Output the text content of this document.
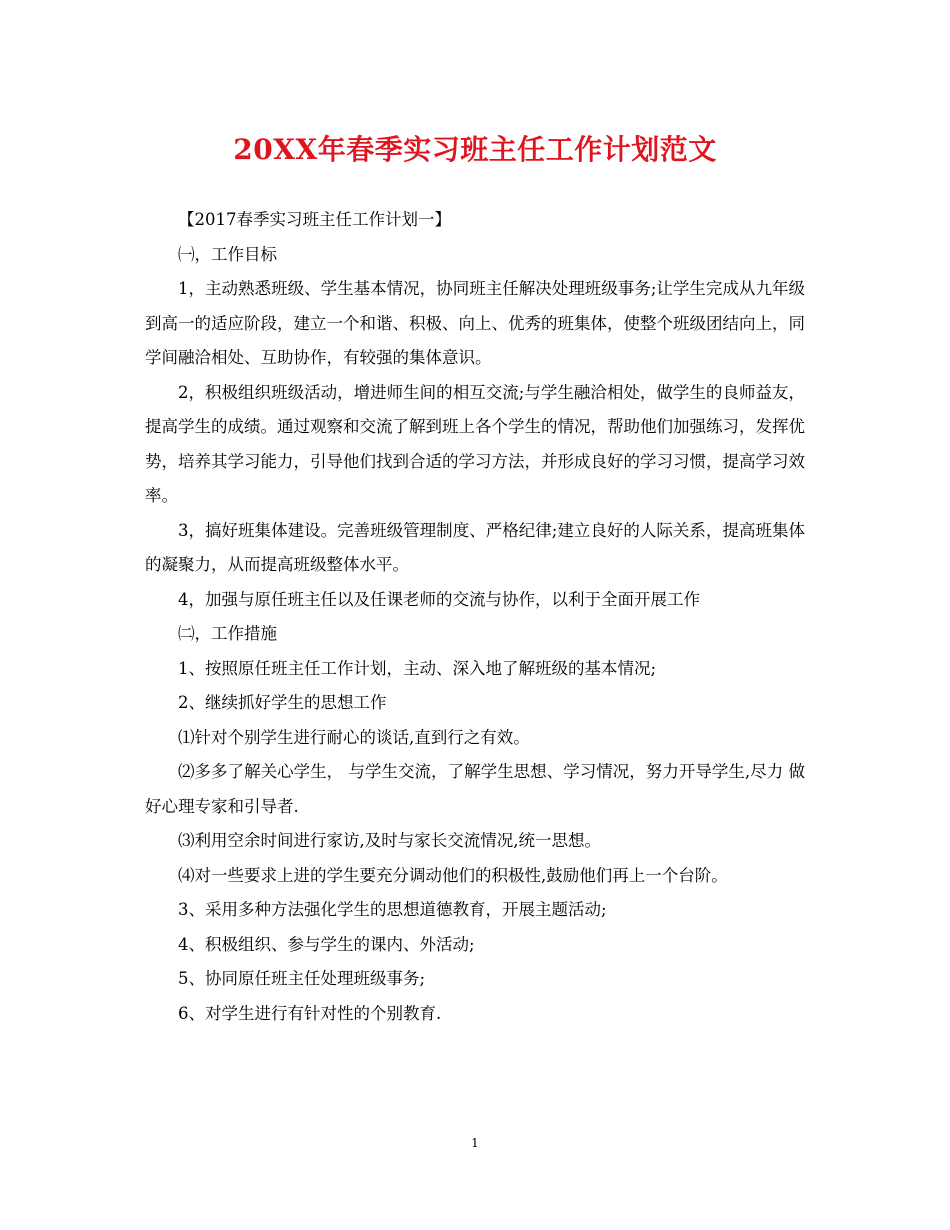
20XX年春季实习班主任工作计划范文

【2017春季实习班主任工作计划一】

㈠，工作目标

1，主动熟悉班级、学生基本情况，协同班主任解决处理班级事务;让学生完成从九年级到高一的适应阶段，建立一个和谐、积极、向上、优秀的班集体，使整个班级团结向上，同学间融洽相处、互助协作，有较强的集体意识。

2，积极组织班级活动，增进师生间的相互交流;与学生融洽相处，做学生的良师益友，提高学生的成绩。通过观察和交流了解到班上各个学生的情况，帮助他们加强练习，发挥优势，培养其学习能力，引导他们找到合适的学习方法，并形成良好的学习习惯，提高学习效率。

3，搞好班集体建设。完善班级管理制度、严格纪律;建立良好的人际关系，提高班集体的凝聚力，从而提高班级整体水平。

4，加强与原任班主任以及任课老师的交流与协作，以利于全面开展工作

㈡，工作措施

1、按照原任班主任工作计划，主动、深入地了解班级的基本情况;

2、继续抓好学生的思想工作

⑴针对个别学生进行耐心的谈话,直到行之有效。

⑵多多了解关心学生， 与学生交流，了解学生思想、学习情况，努力开导学生,尽力 做好心理专家和引导者.

⑶利用空余时间进行家访,及时与家长交流情况,统一思想。

⑷对一些要求上进的学生要充分调动他们的积极性,鼓励他们再上一个台阶。

3、采用多种方法强化学生的思想道德教育，开展主题活动;

4、积极组织、参与学生的课内、外活动;

5、协同原任班主任处理班级事务;

6、对学生进行有针对性的个别教育.

1
